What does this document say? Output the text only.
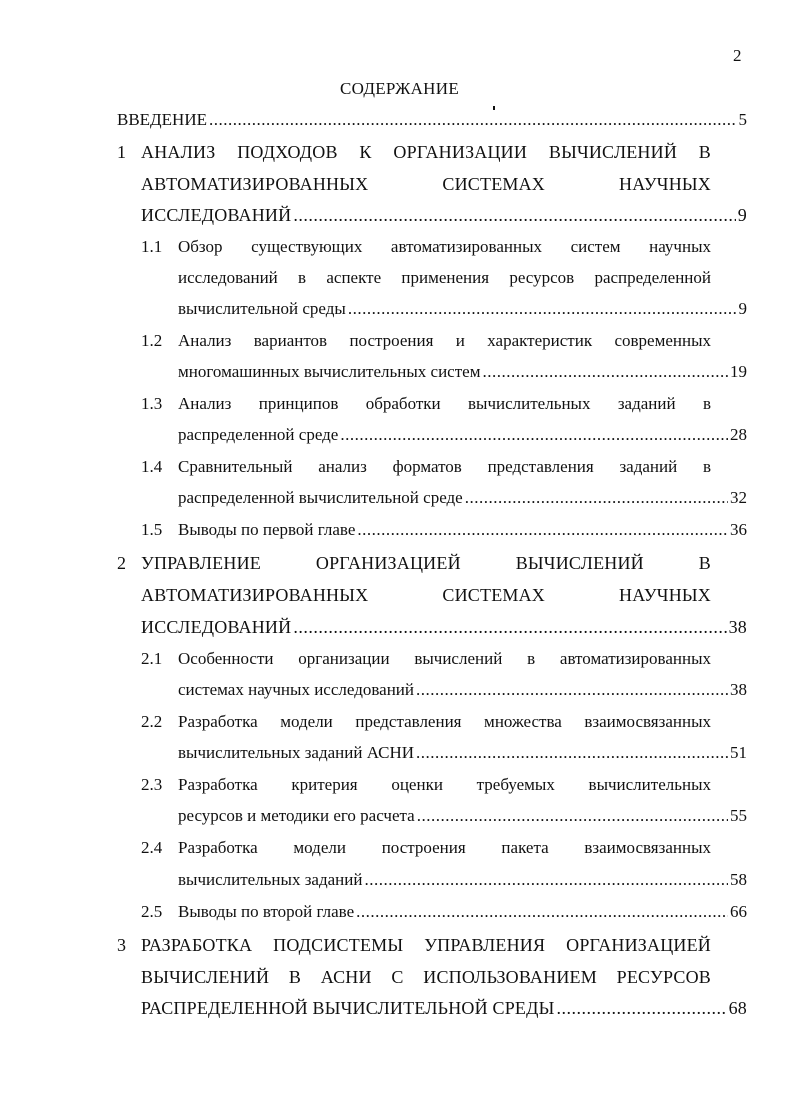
2
СОДЕРЖАНИЕ
ВВЕДЕНИЕ .....	5
1 АНАЛИЗ ПОДХОДОВ К ОРГАНИЗАЦИИ ВЫЧИСЛЕНИЙ В
АВТОМАТИЗИРОВАННЫХ СИСТЕМАХ НАУЧНЫХ
ИССЛЕДОВАНИЙ .....	9
1.1 Обзор существующих автоматизированных систем научных
исследований в аспекте применения ресурсов распределенной
вычислительной среды .....	9
1.2 Анализ вариантов построения и характеристик современных
многомашинных вычислительных систем .....	19
1.3 Анализ принципов обработки вычислительных заданий в
распределенной среде .....	28
1.4 Сравнительный анализ форматов представления заданий в
распределенной вычислительной среде .....	32
1.5 Выводы по первой главе .....	36
2 УПРАВЛЕНИЕ ОРГАНИЗАЦИЕЙ ВЫЧИСЛЕНИЙ В
АВТОМАТИЗИРОВАННЫХ СИСТЕМАХ НАУЧНЫХ
ИССЛЕДОВАНИЙ .....	38
2.1 Особенности организации вычислений в автоматизированных
системах научных исследований .....	38
2.2 Разработка модели представления множества взаимосвязанных
вычислительных заданий АСНИ .....	51
2.3 Разработка критерия оценки требуемых вычислительных
ресурсов и методики его расчета .....	55
2.4 Разработка модели построения пакета взаимосвязанных
вычислительных заданий .....	58
2.5 Выводы по второй главе .....	66
3 РАЗРАБОТКА ПОДСИСТЕМЫ УПРАВЛЕНИЯ ОРГАНИЗАЦИЕЙ
ВЫЧИСЛЕНИЙ В АСНИ С ИСПОЛЬЗОВАНИЕМ РЕСУРСОВ
РАСПРЕДЕЛЕННОЙ ВЫЧИСЛИТЕЛЬНОЙ СРЕДЫ .....	68
